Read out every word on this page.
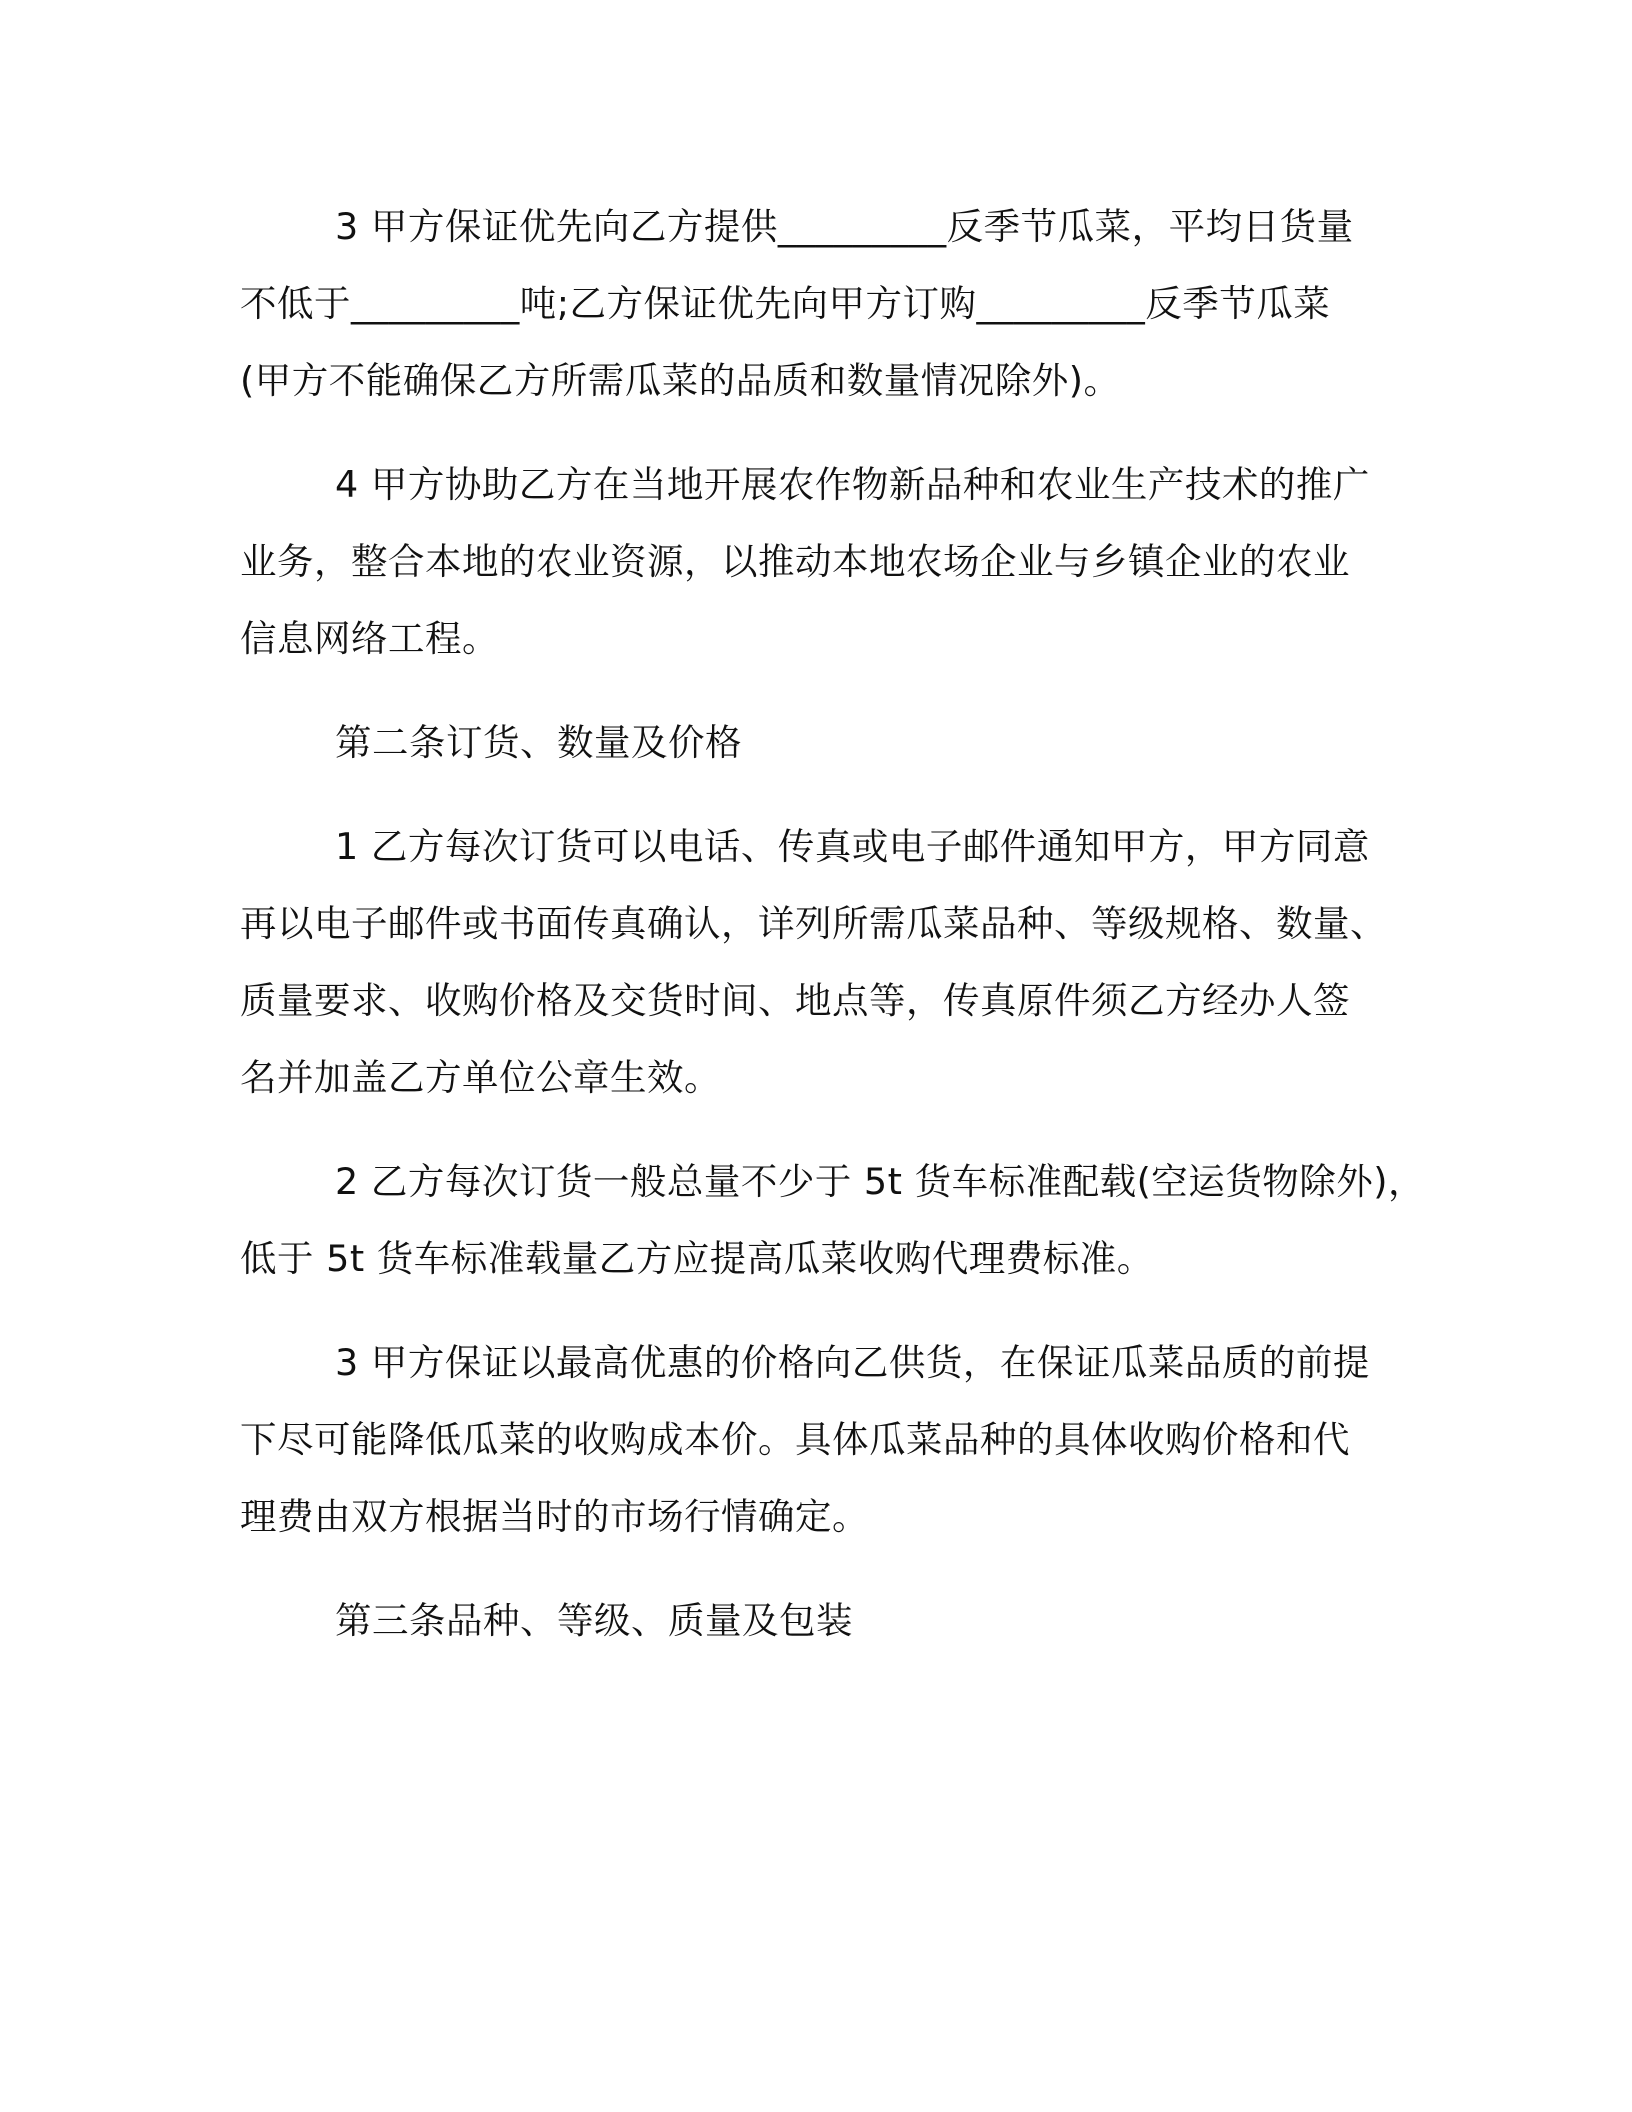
3 甲方保证优先向乙方提供_________反季节瓜菜，平均日货量
不低于_________吨;乙方保证优先向甲方订购_________反季节瓜菜
(甲方不能确保乙方所需瓜菜的品质和数量情况除外)。

4 甲方协助乙方在当地开展农作物新品种和农业生产技术的推广
业务，整合本地的农业资源，以推动本地农场企业与乡镇企业的农业
信息网络工程。

第二条订货、数量及价格

1 乙方每次订货可以电话、传真或电子邮件通知甲方，甲方同意
再以电子邮件或书面传真确认，详列所需瓜菜品种、等级规格、数量、
质量要求、收购价格及交货时间、地点等，传真原件须乙方经办人签
名并加盖乙方单位公章生效。

2 乙方每次订货一般总量不少于 5t 货车标准配载(空运货物除外)，
低于 5t 货车标准载量乙方应提高瓜菜收购代理费标准。

3 甲方保证以最高优惠的价格向乙供货，在保证瓜菜品质的前提
下尽可能降低瓜菜的收购成本价。具体瓜菜品种的具体收购价格和代
理费由双方根据当时的市场行情确定。

第三条品种、等级、质量及包装
